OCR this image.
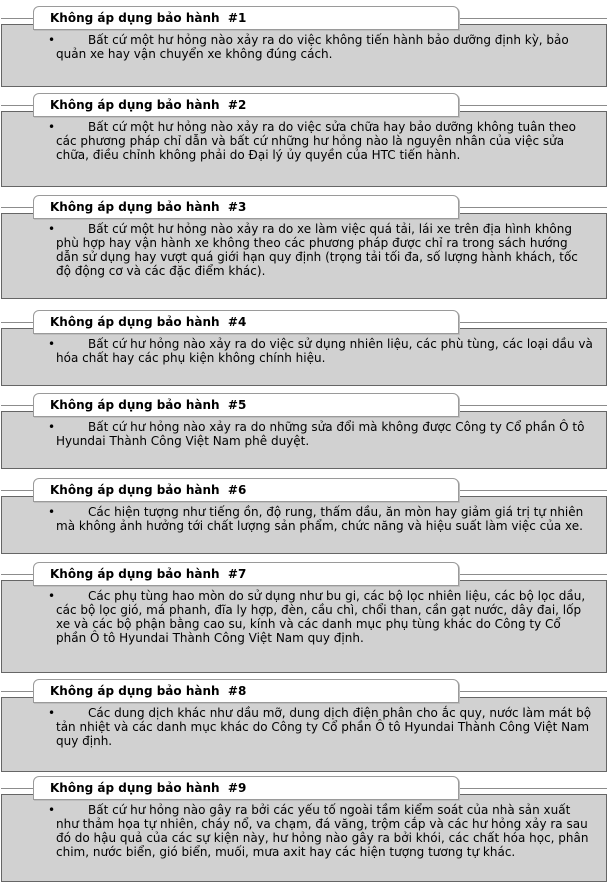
Không áp dụng bảo hành  #1
•	Bất cứ một hư hỏng nào xảy ra do việc không tiến hành bảo dưỡng định kỳ, bảo quản xe hay vận chuyển xe không đúng cách.

Không áp dụng bảo hành  #2
•	Bất cứ một hư hỏng nào xảy ra do việc sửa chữa hay bảo dưỡng không tuân theo các phương pháp chỉ dẫn và bất cứ những hư hỏng nào là nguyên nhân của việc sửa chữa, điều chỉnh không phải do Đại lý ủy quyền của HTC tiến hành.

Không áp dụng bảo hành  #3
•	Bất cứ một hư hỏng nào xảy ra do xe làm việc quá tải, lái xe trên địa hình không phù hợp hay vận hành xe không theo các phương pháp được chỉ ra trong sách hướng dẫn sử dụng hay vượt quá giới hạn quy định (trọng tải tối đa, số lượng hành khách, tốc độ động cơ và các đặc điểm khác).

Không áp dụng bảo hành  #4
•	Bất cứ hư hỏng nào xảy ra do việc sử dụng nhiên liệu, các phù tùng, các loại dầu và hóa chất hay các phụ kiện không chính hiệu.

Không áp dụng bảo hành  #5
•	Bất cứ hư hỏng nào xảy ra do những sửa đổi mà không được Công ty Cổ phần Ô tô Hyundai Thành Công Việt Nam phê duyệt.

Không áp dụng bảo hành  #6
•	Các hiện tượng như tiếng ồn, độ rung, thấm dầu, ăn mòn hay giảm giá trị tự nhiên mà không ảnh hưởng tới chất lượng sản phẩm, chức năng và hiệu suất làm việc của xe.

Không áp dụng bảo hành  #7
•	Các phụ tùng hao mòn do sử dụng như bu gi, các bộ lọc nhiên liệu, các bộ lọc dầu, các bộ lọc gió, má phanh, đĩa ly hợp, đèn, cầu chì, chổi than, cần gạt nước, dây đai, lốp xe và các bộ phận bằng cao su, kính và các danh mục phụ tùng khác do Công ty Cổ phần Ô tô Hyundai Thành Công Việt Nam quy định.

Không áp dụng bảo hành  #8
•	Các dung dịch khác như dầu mỡ, dung dịch điện phân cho ắc quy, nước làm mát bộ tản nhiệt và các danh mục khác do Công ty Cổ phần Ô tô Hyundai Thành Công Việt Nam quy định.

Không áp dụng bảo hành  #9
•	Bất cứ hư hỏng nào gây ra bởi các yếu tố ngoài tầm kiểm soát của nhà sản xuất như thảm họa tự nhiên, cháy nổ, va chạm, đá văng, trộm cắp và các hư hỏng xảy ra sau đó do hậu quả của các sự kiện này, hư hỏng nào gây ra bởi khói, các chất hóa học, phân chim, nước biển, gió biển, muối, mưa axit hay các hiện tượng tương tự khác.
